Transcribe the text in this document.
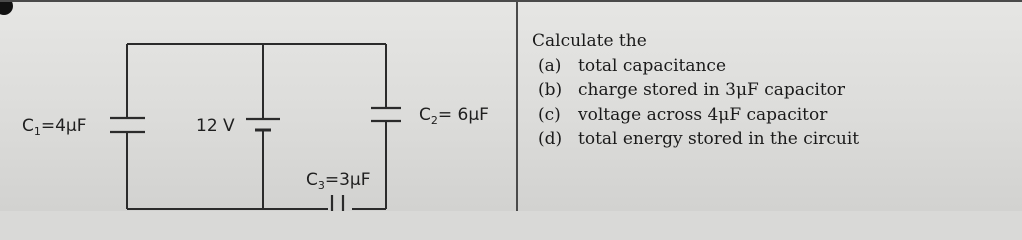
$C_1=4\mu F$	12 V
$C_2= 6\mu F$
$C_3=3\mu F$
Calculate the
(a) total capacitance
(b) charge stored in 3μF capacitor
(c) voltage across 4μF capacitor
(d) total energy stored in the circuit
